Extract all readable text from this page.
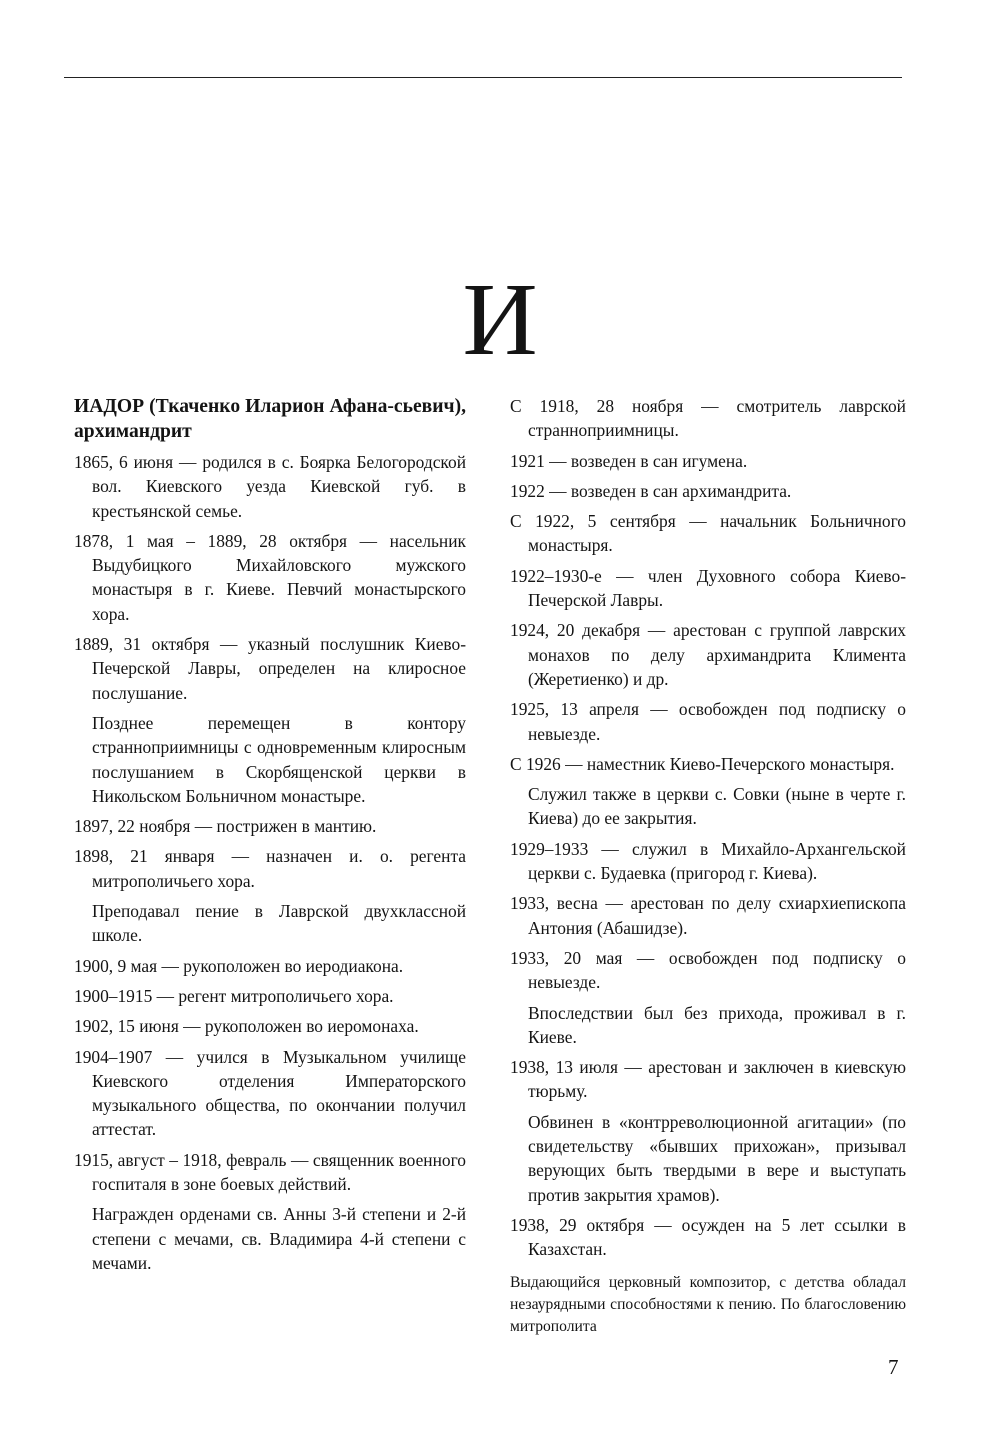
И
ИАДОР (Ткаченко Иларион Афана-сьевич), архимандрит
1865, 6 июня — родился в с. Боярка Белогородской вол. Киевского уезда Киевской губ. в крестьянской семье.
1878, 1 мая – 1889, 28 октября — насельник Выдубицкого Михайловского мужского монастыря в г. Киеве. Певчий монастырского хора.
1889, 31 октября — указный послушник Киево-Печерской Лавры, определен на клиросное послушание.
Позднее перемещен в контору странноприимницы с одновременным клиросным послушанием в Скорбященской церкви в Никольском Больничном монастыре.
1897, 22 ноября — пострижен в мантию.
1898, 21 января — назначен и. о. регента митрополичьего хора.
Преподавал пение в Лаврской двухклассной школе.
1900, 9 мая — рукоположен во иеродиакона.
1900–1915 — регент митрополичьего хора.
1902, 15 июня — рукоположен во иеромонаха.
1904–1907 — учился в Музыкальном училище Киевского отделения Императорского музыкального общества, по окончании получил аттестат.
1915, август – 1918, февраль — священник военного госпиталя в зоне боевых действий.
Награжден орденами св. Анны 3-й степени и 2-й степени с мечами, св. Владимира 4-й степени с мечами.
С 1918, 28 ноября — смотритель лаврской странноприимницы.
1921 — возведен в сан игумена.
1922 — возведен в сан архимандрита.
С 1922, 5 сентября — начальник Больничного монастыря.
1922–1930-е — член Духовного собора Киево-Печерской Лавры.
1924, 20 декабря — арестован с группой лаврских монахов по делу архимандрита Климента (Жеретиенко) и др.
1925, 13 апреля — освобожден под подписку о невыезде.
С 1926 — наместник Киево-Печерского монастыря.
Служил также в церкви с. Совки (ныне в черте г. Киева) до ее закрытия.
1929–1933 — служил в Михайло-Архангельской церкви с. Будаевка (пригород г. Киева).
1933, весна — арестован по делу схиархиепископа Антония (Абашидзе).
1933, 20 мая — освобожден под подписку о невыезде.
Впоследствии был без прихода, проживал в г. Киеве.
1938, 13 июля — арестован и заключен в киевскую тюрьму.
Обвинен в «контрреволюционной агитации» (по свидетельству «бывших прихожан», призывал верующих быть твердыми в вере и выступать против закрытия храмов).
1938, 29 октября — осужден на 5 лет ссылки в Казахстан.
Выдающийся церковный композитор, с детства обладал незаурядными способностями к пению. По благословению митрополита
7
